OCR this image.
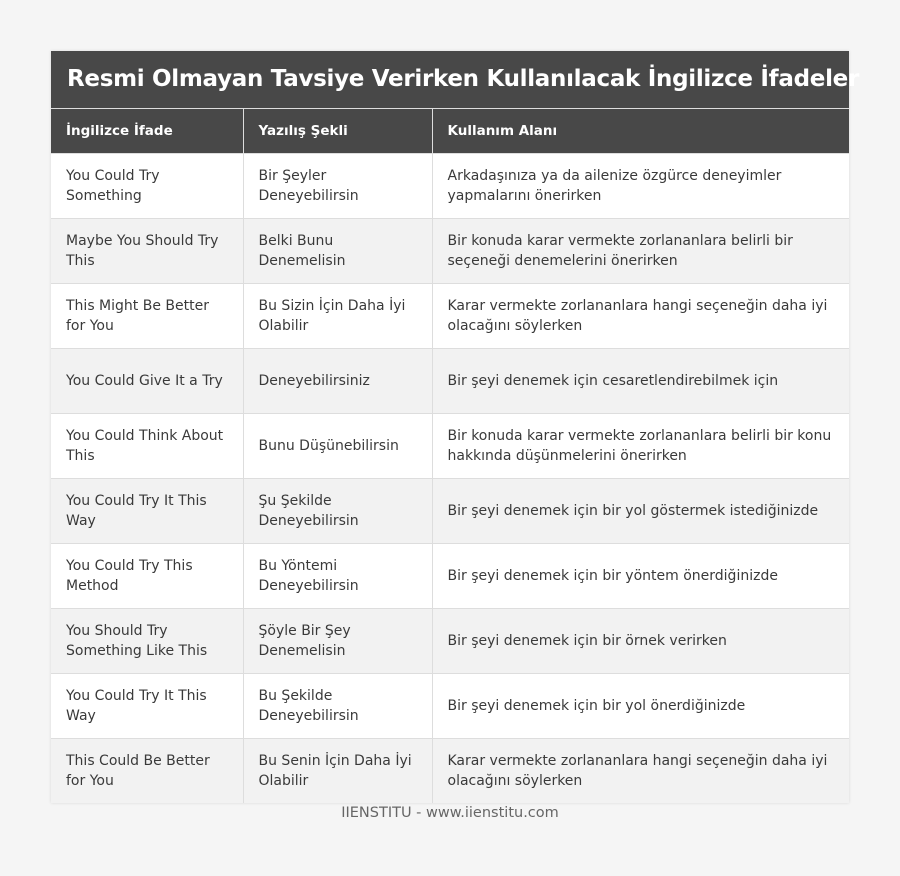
Resmi Olmayan Tavsiye Verirken Kullanılacak İngilizce İfadeler
İngilizce İfade	Yazılış Şekli	Kullanım Alanı
You Could Try Something	Bir Şeyler Deneyebilirsin	Arkadaşınıza ya da ailenize özgürce deneyimler yapmalarını önerirken
Maybe You Should Try This	Belki Bunu Denemelisin	Bir konuda karar vermekte zorlananlara belirli bir seçeneği denemelerini önerirken
This Might Be Better for You	Bu Sizin İçin Daha İyi Olabilir	Karar vermekte zorlananlara hangi seçeneğin daha iyi olacağını söylerken
You Could Give It a Try	Deneyebilirsiniz	Bir şeyi denemek için cesaretlendirebilmek için
You Could Think About This	Bunu Düşünebilirsin	Bir konuda karar vermekte zorlananlara belirli bir konu hakkında düşünmelerini önerirken
You Could Try It This Way	Şu Şekilde Deneyebilirsin	Bir şeyi denemek için bir yol göstermek istediğinizde
You Could Try This Method	Bu Yöntemi Deneyebilirsin	Bir şeyi denemek için bir yöntem önerdiğinizde
You Should Try Something Like This	Şöyle Bir Şey Denemelisin	Bir şeyi denemek için bir örnek verirken
You Could Try It This Way	Bu Şekilde Deneyebilirsin	Bir şeyi denemek için bir yol önerdiğinizde
This Could Be Better for You	Bu Senin İçin Daha İyi Olabilir	Karar vermekte zorlananlara hangi seçeneğin daha iyi olacağını söylerken
IIENSTITU - www.iienstitu.com
